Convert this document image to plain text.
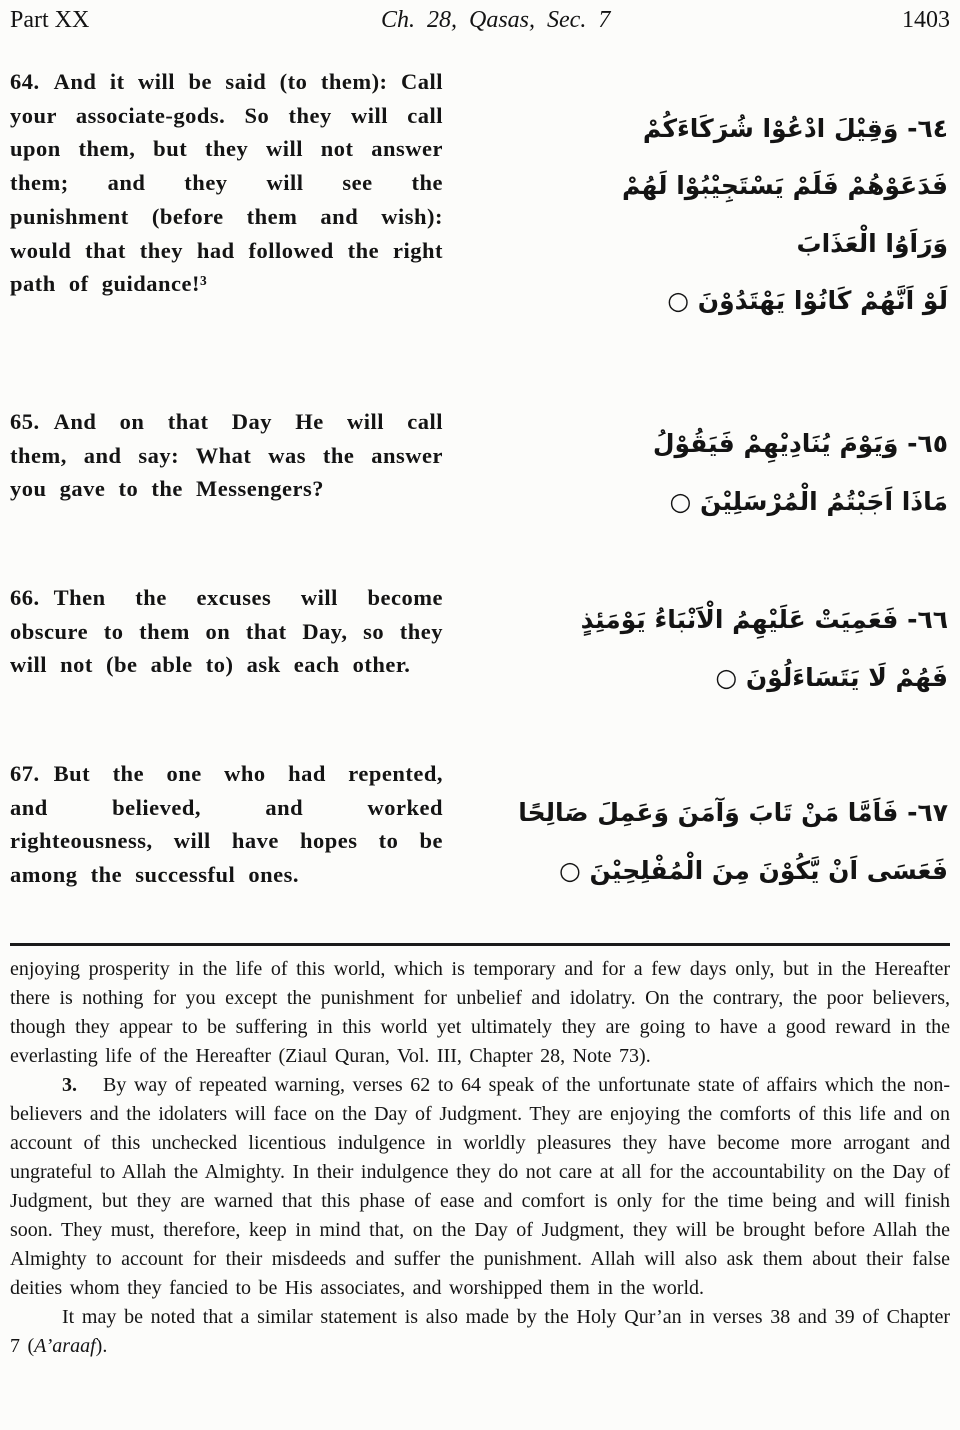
Part XX	Ch. 28, Qasas, Sec. 7	1403

64. And it will be said (to them): Call your associate-gods. So they will call upon them, but they will not answer them; and they will see the punishment (before them and wish): would that they had followed the right path of guidance!³

٦٤- وَقِيْلَ ادْعُوْا شُرَكَاءَكُمْ
فَدَعَوْهُمْ فَلَمْ يَسْتَجِيْبُوْا لَهُمْ
وَرَاَوُا الْعَذَابَ
لَوْ اَنَّهُمْ كَانُوْا يَهْتَدُوْنَ ○

65. And on that Day He will call them, and say: What was the answer you gave to the Messengers?

٦٥- وَيَوْمَ يُنَادِيْهِمْ فَيَقُوْلُ
مَاذَا اَجَبْتُمُ الْمُرْسَلِيْنَ ○

66. Then the excuses will become obscure to them on that Day, so they will not (be able to) ask each other.

٦٦- فَعَمِيَتْ عَلَيْهِمُ الْاَنْبَاءُ يَوْمَئِذٍ
فَهُمْ لَا يَتَسَاءَلُوْنَ ○

67. But the one who had repented, and believed, and worked righteousness, will have hopes to be among the successful ones.

٦٧- فَاَمَّا مَنْ تَابَ وَآمَنَ وَعَمِلَ صَالِحًا
فَعَسَى اَنْ يَّكُوْنَ مِنَ الْمُفْلِحِيْنَ ○

enjoying prosperity in the life of this world, which is temporary and for a few days only, but in the Hereafter there is nothing for you except the punishment for unbelief and idolatry. On the contrary, the poor believers, though they appear to be suffering in this world yet ultimately they are going to have a good reward in the everlasting life of the Hereafter (Ziaul Quran, Vol. III, Chapter 28, Note 73).

3. By way of repeated warning, verses 62 to 64 speak of the unfortunate state of affairs which the non-believers and the idolaters will face on the Day of Judgment. They are enjoying the comforts of this life and on account of this unchecked licentious indulgence in worldly pleasures they have become more arrogant and ungrateful to Allah the Almighty. In their indulgence they do not care at all for the accountability on the Day of Judgment, but they are warned that this phase of ease and comfort is only for the time being and will finish soon. They must, therefore, keep in mind that, on the Day of Judgment, they will be brought before Allah the Almighty to account for their misdeeds and suffer the punishment. Allah will also ask them about their false deities whom they fancied to be His associates, and worshipped them in the world.

It may be noted that a similar statement is also made by the Holy Qur’an in verses 38 and 39 of Chapter 7 (A’araaf).
